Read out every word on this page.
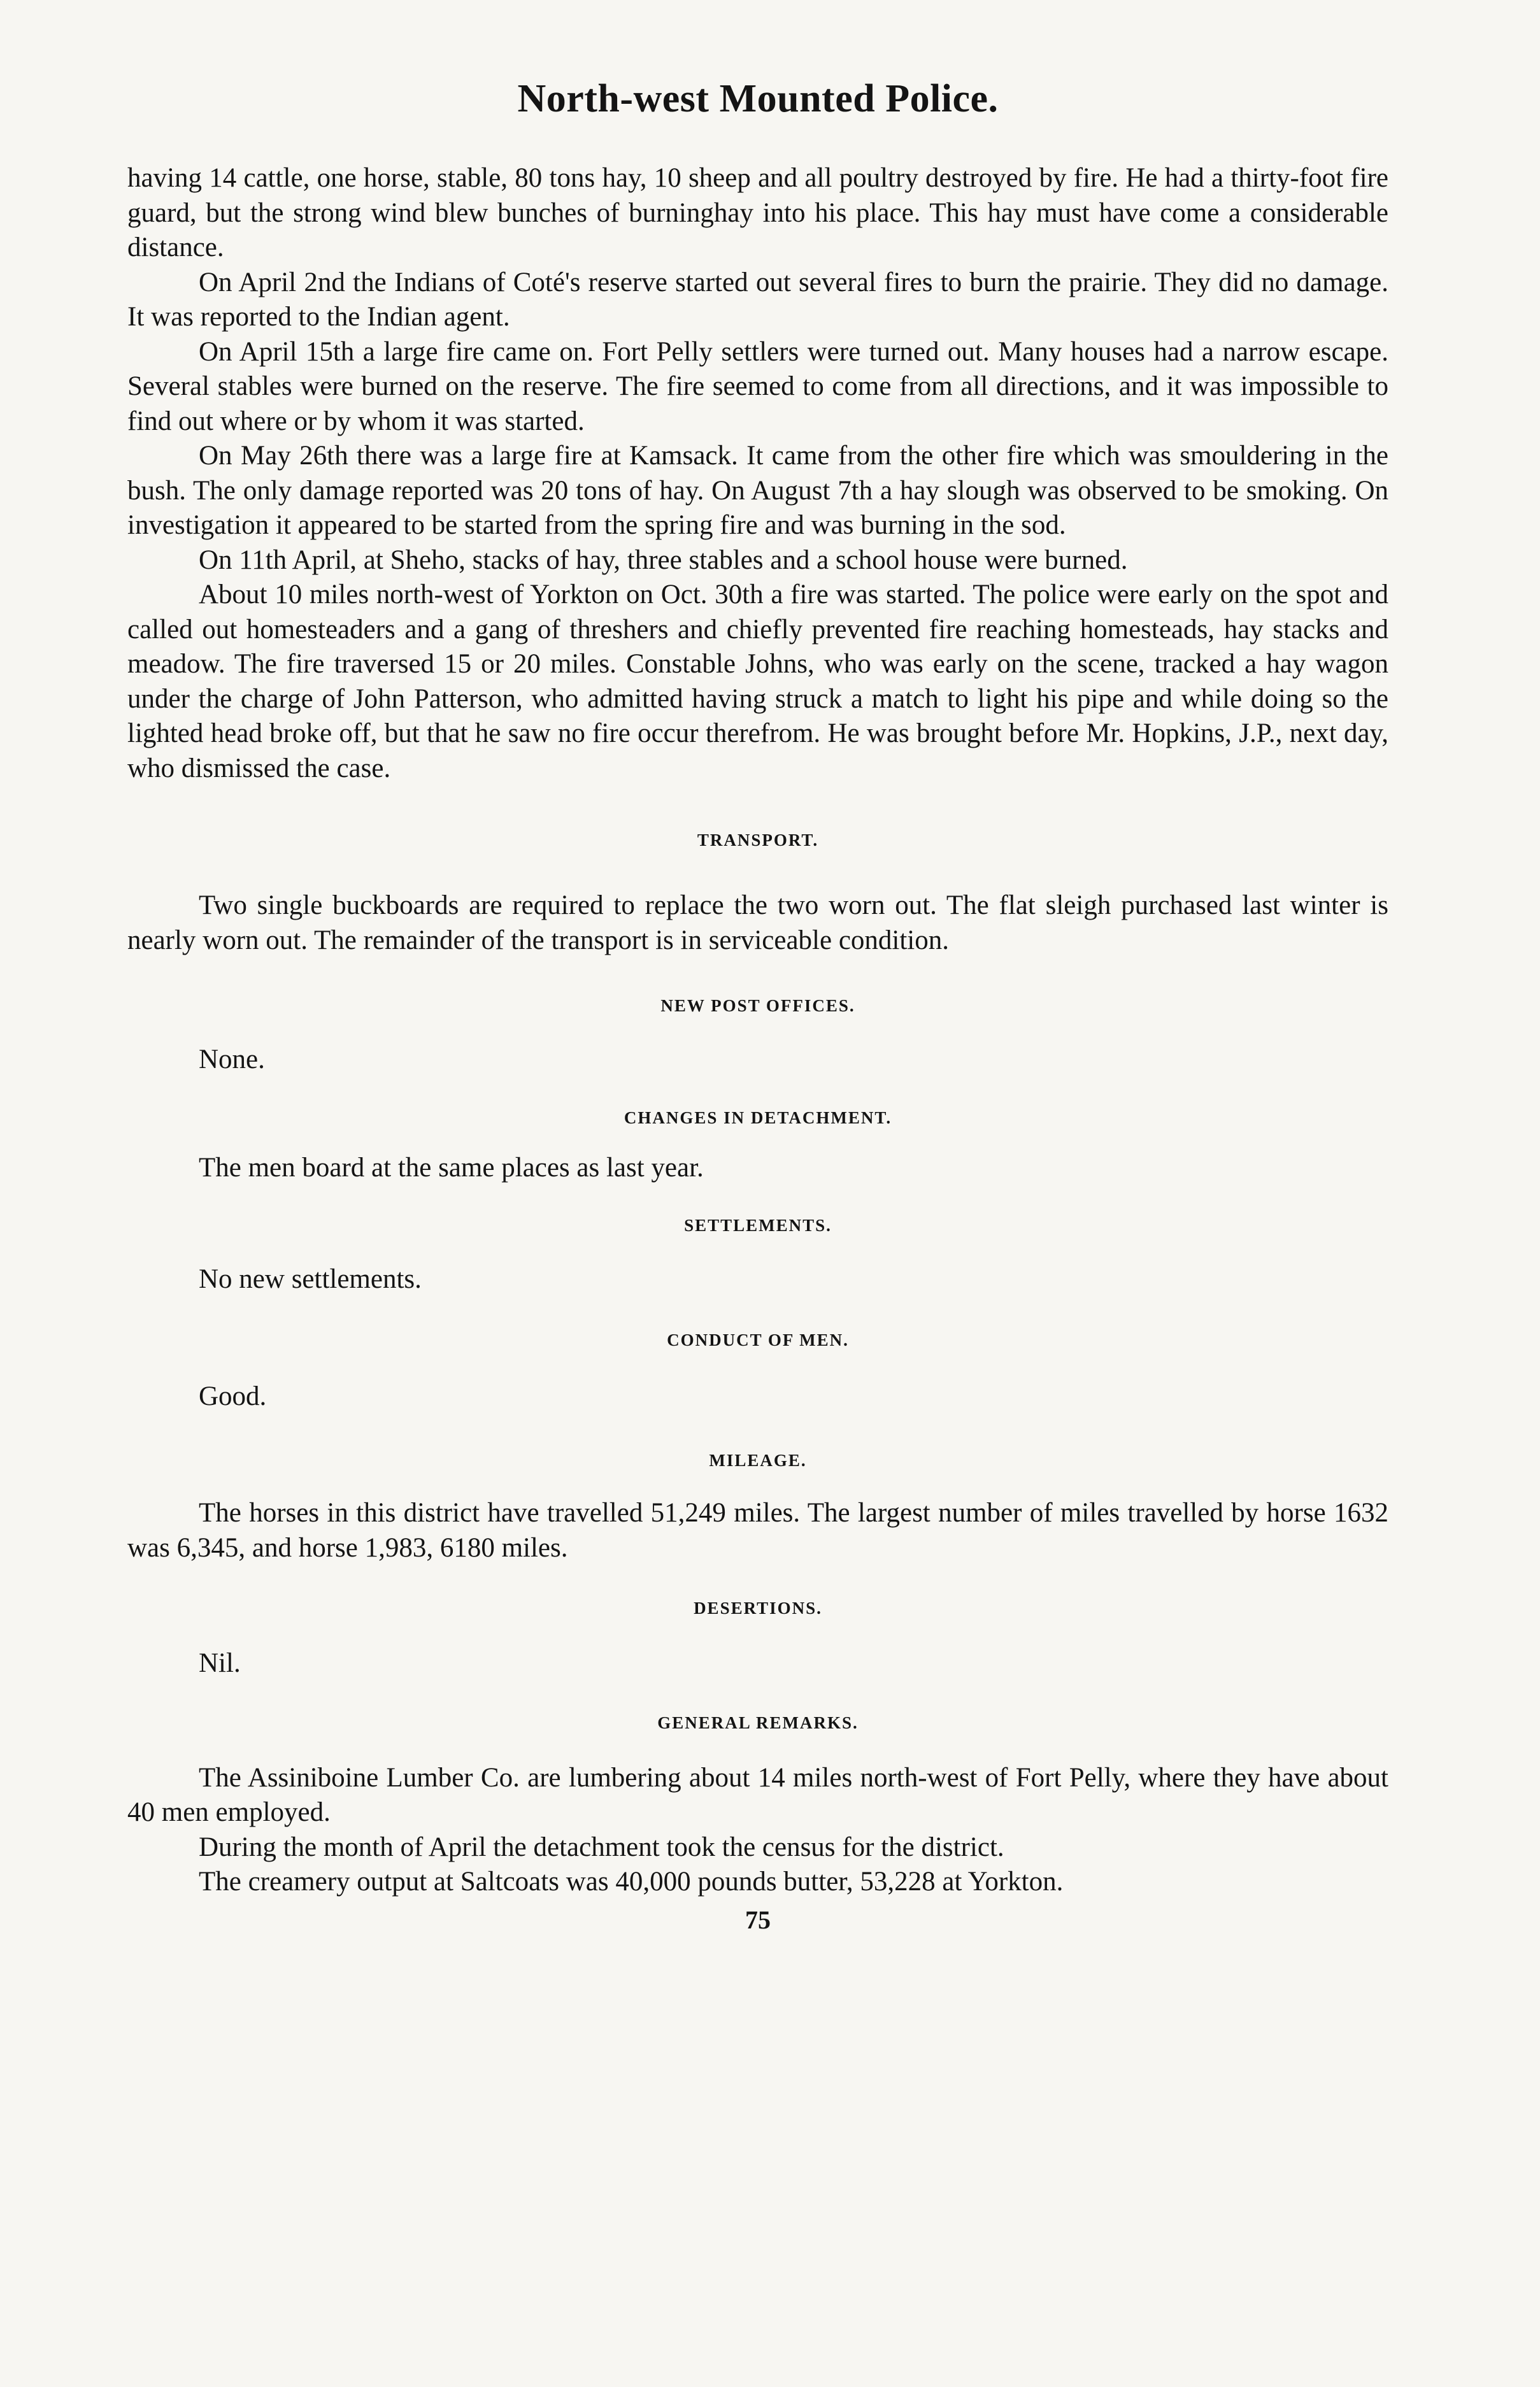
North-west Mounted Police.

having 14 cattle, one horse, stable, 80 tons hay, 10 sheep and all poultry destroyed by fire. He had a thirty-foot fire guard, but the strong wind blew bunches of burninghay into his place. This hay must have come a considerable distance.

On April 2nd the Indians of Coté's reserve started out several fires to burn the prairie. They did no damage. It was reported to the Indian agent.

On April 15th a large fire came on. Fort Pelly settlers were turned out. Many houses had a narrow escape. Several stables were burned on the reserve. The fire seemed to come from all directions, and it was impossible to find out where or by whom it was started.

On May 26th there was a large fire at Kamsack. It came from the other fire which was smouldering in the bush. The only damage reported was 20 tons of hay. On August 7th a hay slough was observed to be smoking. On investigation it appeared to be started from the spring fire and was burning in the sod.

On 11th April, at Sheho, stacks of hay, three stables and a school house were burned.

About 10 miles north-west of Yorkton on Oct. 30th a fire was started. The police were early on the spot and called out homesteaders and a gang of threshers and chiefly prevented fire reaching homesteads, hay stacks and meadow. The fire traversed 15 or 20 miles. Constable Johns, who was early on the scene, tracked a hay wagon under the charge of John Patterson, who admitted having struck a match to light his pipe and while doing so the lighted head broke off, but that he saw no fire occur therefrom. He was brought before Mr. Hopkins, J.P., next day, who dismissed the case.

TRANSPORT.

Two single buckboards are required to replace the two worn out. The flat sleigh purchased last winter is nearly worn out. The remainder of the transport is in serviceable condition.

NEW POST OFFICES.
None.
CHANGES IN DETACHMENT.
The men board at the same places as last year.
SETTLEMENTS.
No new settlements.
CONDUCT OF MEN.
Good.
MILEAGE.

The horses in this district have travelled 51,249 miles. The largest number of miles travelled by horse 1632 was 6,345, and horse 1,983, 6180 miles.

DESERTIONS.
Nil.
GENERAL REMARKS.

The Assiniboine Lumber Co. are lumbering about 14 miles north-west of Fort Pelly, where they have about 40 men employed.

During the month of April the detachment took the census for the district.

The creamery output at Saltcoats was 40,000 pounds butter, 53,228 at Yorkton.

75
